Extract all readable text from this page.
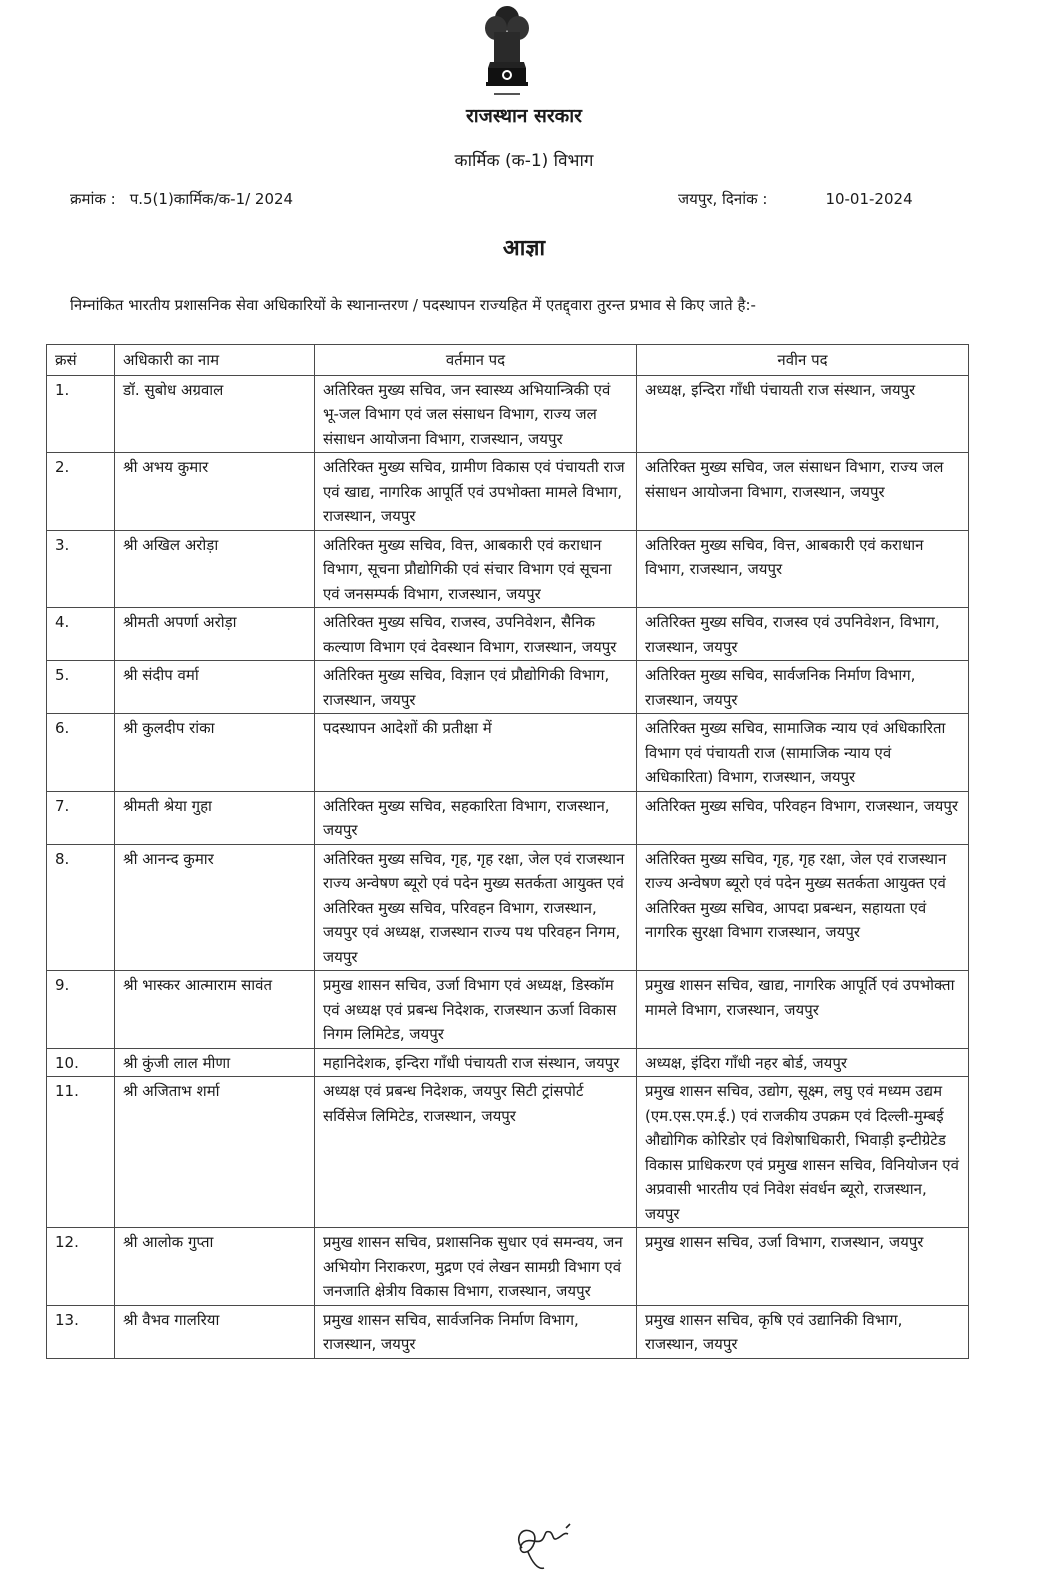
राजस्थान सरकार
कार्मिक (क-1) विभाग
क्रमांक : प.5(1)कार्मिक/क-1/ 2024	जयपुर, दिनांक :	10-01-2024
आज्ञा
निम्नांकित भारतीय प्रशासनिक सेवा अधिकारियों के स्थानान्तरण / पदस्थापन राज्यहित में एतद्द्वारा तुरन्त प्रभाव से किए जाते है:-
क्रसं	अधिकारी का नाम	वर्तमान पद	नवीन पद
1.	डॉ. सुबोध अग्रवाल	अतिरिक्त मुख्य सचिव, जन स्वास्थ्य अभियान्त्रिकी एवं भू-जल विभाग एवं जल संसाधन विभाग, राज्य जल संसाधन आयोजना विभाग, राजस्थान, जयपुर	अध्यक्ष, इन्दिरा गाँधी पंचायती राज संस्थान, जयपुर
2.	श्री अभय कुमार	अतिरिक्त मुख्य सचिव, ग्रामीण विकास एवं पंचायती राज एवं खाद्य, नागरिक आपूर्ति एवं उपभोक्ता मामले विभाग, राजस्थान, जयपुर	अतिरिक्त मुख्य सचिव, जल संसाधन विभाग, राज्य जल संसाधन आयोजना विभाग, राजस्थान, जयपुर
3.	श्री अखिल अरोड़ा	अतिरिक्त मुख्य सचिव, वित्त, आबकारी एवं कराधान विभाग, सूचना प्रौद्योगिकी एवं संचार विभाग एवं सूचना एवं जनसम्पर्क विभाग, राजस्थान, जयपुर	अतिरिक्त मुख्य सचिव, वित्त, आबकारी एवं कराधान विभाग, राजस्थान, जयपुर
4.	श्रीमती अपर्णा अरोड़ा	अतिरिक्त मुख्य सचिव, राजस्व, उपनिवेशन, सैनिक कल्याण विभाग एवं देवस्थान विभाग, राजस्थान, जयपुर	अतिरिक्त मुख्य सचिव, राजस्व एवं उपनिवेशन, विभाग, राजस्थान, जयपुर
5.	श्री संदीप वर्मा	अतिरिक्त मुख्य सचिव, विज्ञान एवं प्रौद्योगिकी विभाग, राजस्थान, जयपुर	अतिरिक्त मुख्य सचिव, सार्वजनिक निर्माण विभाग, राजस्थान, जयपुर
6.	श्री कुलदीप रांका	पदस्थापन आदेशों की प्रतीक्षा में	अतिरिक्त मुख्य सचिव, सामाजिक न्याय एवं अधिकारिता विभाग एवं पंचायती राज (सामाजिक न्याय एवं अधिकारिता) विभाग, राजस्थान, जयपुर
7.	श्रीमती श्रेया गुहा	अतिरिक्त मुख्य सचिव, सहकारिता विभाग, राजस्थान, जयपुर	अतिरिक्त मुख्य सचिव, परिवहन विभाग, राजस्थान, जयपुर
8.	श्री आनन्द कुमार	अतिरिक्त मुख्य सचिव, गृह, गृह रक्षा, जेल एवं राजस्थान राज्य अन्वेषण ब्यूरो एवं पदेन मुख्य सतर्कता आयुक्त एवं अतिरिक्त मुख्य सचिव, परिवहन विभाग, राजस्थान, जयपुर एवं अध्यक्ष, राजस्थान राज्य पथ परिवहन निगम, जयपुर	अतिरिक्त मुख्य सचिव, गृह, गृह रक्षा, जेल एवं राजस्थान राज्य अन्वेषण ब्यूरो एवं पदेन मुख्य सतर्कता आयुक्त एवं अतिरिक्त मुख्य सचिव, आपदा प्रबन्धन, सहायता एवं नागरिक सुरक्षा विभाग राजस्थान, जयपुर
9.	श्री भास्कर आत्माराम सावंत	प्रमुख शासन सचिव, उर्जा विभाग एवं अध्यक्ष, डिस्कॉम एवं अध्यक्ष एवं प्रबन्ध निदेशक, राजस्थान ऊर्जा विकास निगम लिमिटेड, जयपुर	प्रमुख शासन सचिव, खाद्य, नागरिक आपूर्ति एवं उपभोक्ता मामले विभाग, राजस्थान, जयपुर
10.	श्री कुंजी लाल मीणा	महानिदेशक, इन्दिरा गाँधी पंचायती राज संस्थान, जयपुर	अध्यक्ष, इंदिरा गाँधी नहर बोर्ड, जयपुर
11.	श्री अजिताभ शर्मा	अध्यक्ष एवं प्रबन्ध निदेशक, जयपुर सिटी ट्रांसपोर्ट सर्विसेज लिमिटेड, राजस्थान, जयपुर	प्रमुख शासन सचिव, उद्योग, सूक्ष्म, लघु एवं मध्यम उद्यम (एम.एस.एम.ई.) एवं राजकीय उपक्रम एवं दिल्ली-मुम्बई औद्योगिक कोरिडोर एवं विशेषाधिकारी, भिवाड़ी इन्टीग्रेटेड विकास प्राधिकरण एवं प्रमुख शासन सचिव, विनियोजन एवं अप्रवासी भारतीय एवं निवेश संवर्धन ब्यूरो, राजस्थान, जयपुर
12.	श्री आलोक गुप्ता	प्रमुख शासन सचिव, प्रशासनिक सुधार एवं समन्वय, जन अभियोग निराकरण, मुद्रण एवं लेखन सामग्री विभाग एवं जनजाति क्षेत्रीय विकास विभाग, राजस्थान, जयपुर	प्रमुख शासन सचिव, उर्जा विभाग, राजस्थान, जयपुर
13.	श्री वैभव गालरिया	प्रमुख शासन सचिव, सार्वजनिक निर्माण विभाग, राजस्थान, जयपुर	प्रमुख शासन सचिव, कृषि एवं उद्यानिकी विभाग, राजस्थान, जयपुर
